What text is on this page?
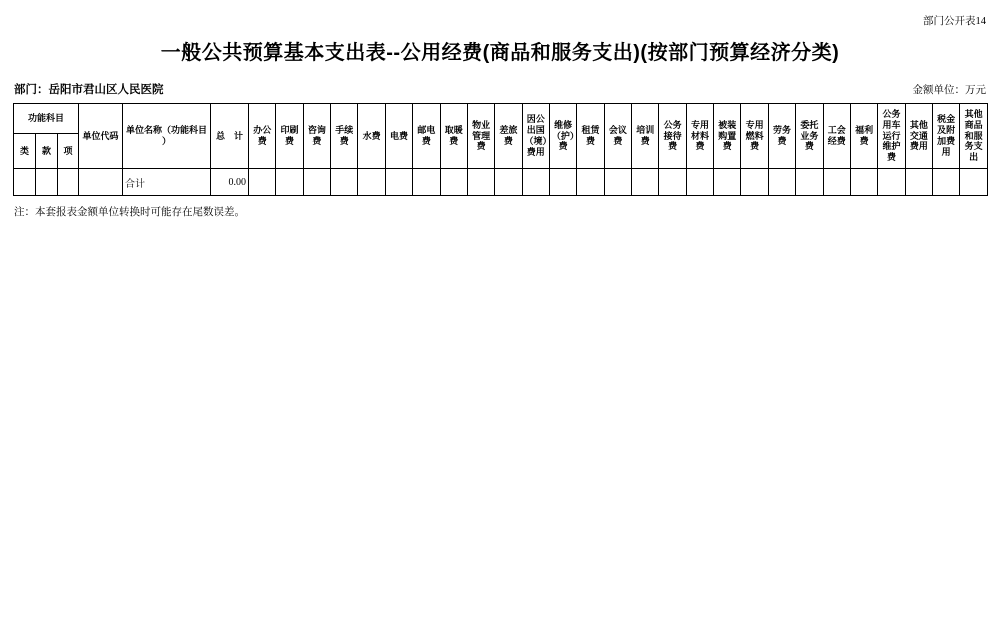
部门公开表14
一般公共预算基本支出表--公用经费(商品和服务支出)(按部门预算经济分类)
部门：岳阳市君山区人民医院	金额单位：万元
功能科目			单位代码	单位名称（功能科目）	总　计	办公费	印刷费	咨询费	手续费	水费	电费	邮电费	取暖费	物业管理费	差旅费	因公出国（境）费用	维修（护）费	租赁费	会议费	培训费	公务接待费	专用材料费	被装购置费	专用燃料费	劳务费	委托业务费	工会经费	福利费	公务用车运行维护费	其他交通费用	税金及附加费用	其他商品和服务支出
类	款	项																														
				合计	0.00																											
注：本套报表金额单位转换时可能存在尾数误差。
